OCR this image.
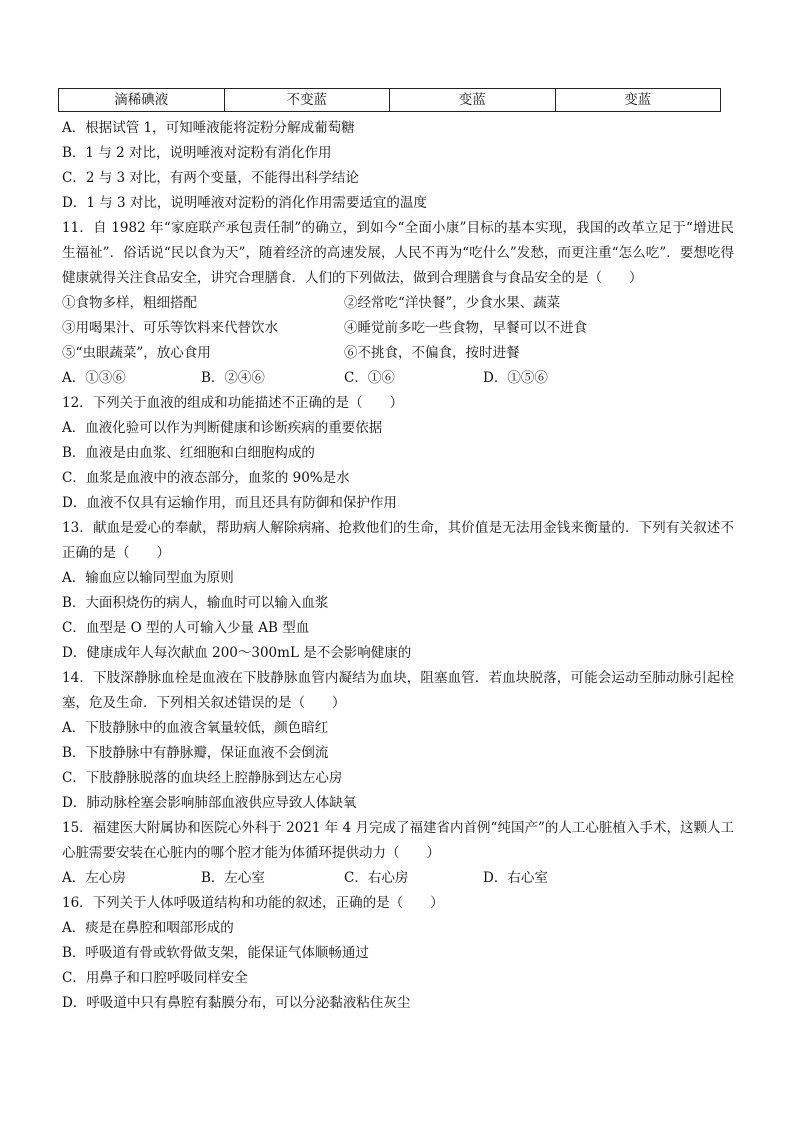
滴稀碘液	不变蓝	变蓝	变蓝
A．根据试管 1，可知唾液能将淀粉分解成葡萄糖
B．1 与 2 对比，说明唾液对淀粉有消化作用
C．2 与 3 对比，有两个变量，不能得出科学结论
D．1 与 3 对比，说明唾液对淀粉的消化作用需要适宜的温度
11．自 1982 年“家庭联产承包责任制”的确立，到如今“全面小康”目标的基本实现，我国的改革立足于“增进民生福祉”．俗话说“民以食为天”，随着经济的高速发展，人民不再为“吃什么”发愁，而更注重“怎么吃”．要想吃得健康就得关注食品安全，讲究合理膳食．人们的下列做法，做到合理膳食与食品安全的是（　　）
①食物多样，粗细搭配	②经常吃“洋快餐”，少食水果、蔬菜
③用喝果汁、可乐等饮料来代替饮水	④睡觉前多吃一些食物，早餐可以不进食
⑤“虫眼蔬菜”，放心食用	⑥不挑食，不偏食，按时进餐
A．①③⑥	B．②④⑥	C．①⑥	D．①⑤⑥
12．下列关于血液的组成和功能描述不正确的是（　　）
A．血液化验可以作为判断健康和诊断疾病的重要依据
B．血液是由血浆、红细胞和白细胞构成的
C．血浆是血液中的液态部分，血浆的 90%是水
D．血液不仅具有运输作用，而且还具有防御和保护作用
13．献血是爱心的奉献，帮助病人解除病痛、抢救他们的生命，其价值是无法用金钱来衡量的．下列有关叙述不正确的是（　　）
A．输血应以输同型血为原则
B．大面积烧伤的病人，输血时可以输入血浆
C．血型是 O 型的人可输入少量 AB 型血
D．健康成年人每次献血 200～300mL 是不会影响健康的
14．下肢深静脉血栓是血液在下肢静脉血管内凝结为血块，阻塞血管．若血块脱落，可能会运动至肺动脉引起栓塞，危及生命．下列相关叙述错误的是（　　）
A．下肢静脉中的血液含氧量较低，颜色暗红
B．下肢静脉中有静脉瓣，保证血液不会倒流
C．下肢静脉脱落的血块经上腔静脉到达左心房
D．肺动脉栓塞会影响肺部血液供应导致人体缺氧
15．福建医大附属协和医院心外科于 2021 年 4 月完成了福建省内首例“纯国产”的人工心脏植入手术，这颗人工心脏需要安装在心脏内的哪个腔才能为体循环提供动力（　　）
A．左心房	B．左心室	C．右心房	D．右心室
16．下列关于人体呼吸道结构和功能的叙述，正确的是（　　）
A．痰是在鼻腔和咽部形成的
B．呼吸道有骨或软骨做支架，能保证气体顺畅通过
C．用鼻子和口腔呼吸同样安全
D．呼吸道中只有鼻腔有黏膜分布，可以分泌黏液粘住灰尘
